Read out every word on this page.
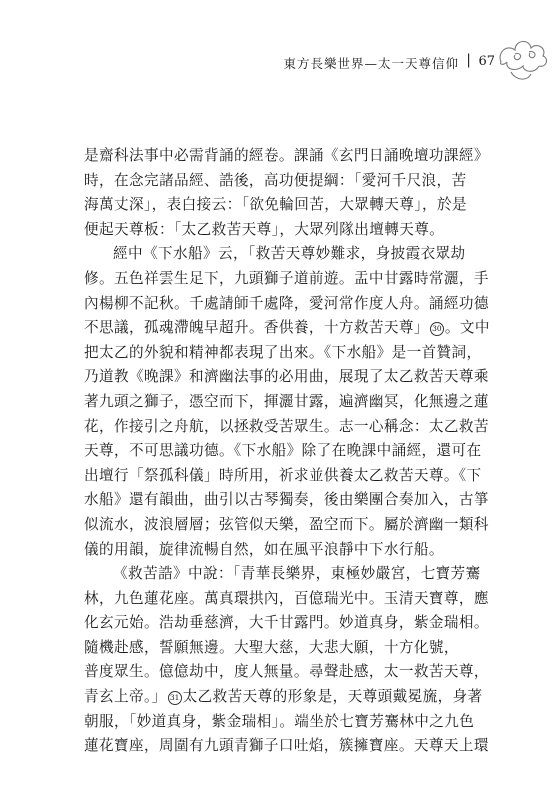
東方長樂世界—太一天尊信仰 | 67
是齋科法事中必需背誦的經卷。課誦《玄門日誦晚壇功課經》
時，在念完諸品經、誥後，高功便提綱：「愛河千尺浪，苦
海萬丈深」，表白接云：「欲免輪回苦，大眾轉天尊」，於是
便起天尊板：「太乙救苦天尊」，大眾列隊出壇轉天尊。
經中《下水船》云，「救苦天尊妙難求，身披霞衣眾劫
修。五色祥雲生足下，九頭獅子道前遊。盂中甘露時常灑，手
內楊柳不記秋。千處請師千處降，愛河常作度人舟。誦經功德
不思議，孤魂滯魄早超升。香供養，十方救苦天尊」 30 。文中
把太乙的外貌和精神都表現了出來。《下水船》是一首贊詞，
乃道教《晚課》和濟幽法事的必用曲，展現了太乙救苦天尊乘
著九頭之獅子，憑空而下，揮灑甘露，遍濟幽冥，化無邊之蓮
花，作接引之舟航，以拯救受苦眾生。志一心稱念：太乙救苦
天尊，不可思議功德。《下水船》除了在晚課中誦經，還可在
出壇行「祭孤科儀」時所用，祈求並供養太乙救苦天尊。《下
水船》還有韻曲，曲引以古琴獨奏，後由樂團合奏加入，古箏
似流水，波浪層層；弦管似天樂，盈空而下。屬於濟幽一類科
儀的用韻，旋律流暢自然，如在風平浪靜中下水行船。
《救苦誥》中說：「青華長樂界，東極妙嚴宮，七寶芳騫
林，九色蓮花座。萬真環拱內，百億瑞光中。玉清天寶尊，應
化玄元始。浩劫垂慈濟，大千甘露門。妙道真身，紫金瑞相。
隨機赴感，誓願無邊。大聖大慈，大悲大願，十方化號，
普度眾生。億億劫中，度人無量。尋聲赴感，太一救苦天尊，
青玄上帝。」 31 太乙救苦天尊的形象是，天尊頭戴冕旒，身著
朝服，「妙道真身，紫金瑞相」。端坐於七寶芳騫林中之九色
蓮花寶座，周圍有九頭青獅子口吐焰，簇擁寶座。天尊天上環
